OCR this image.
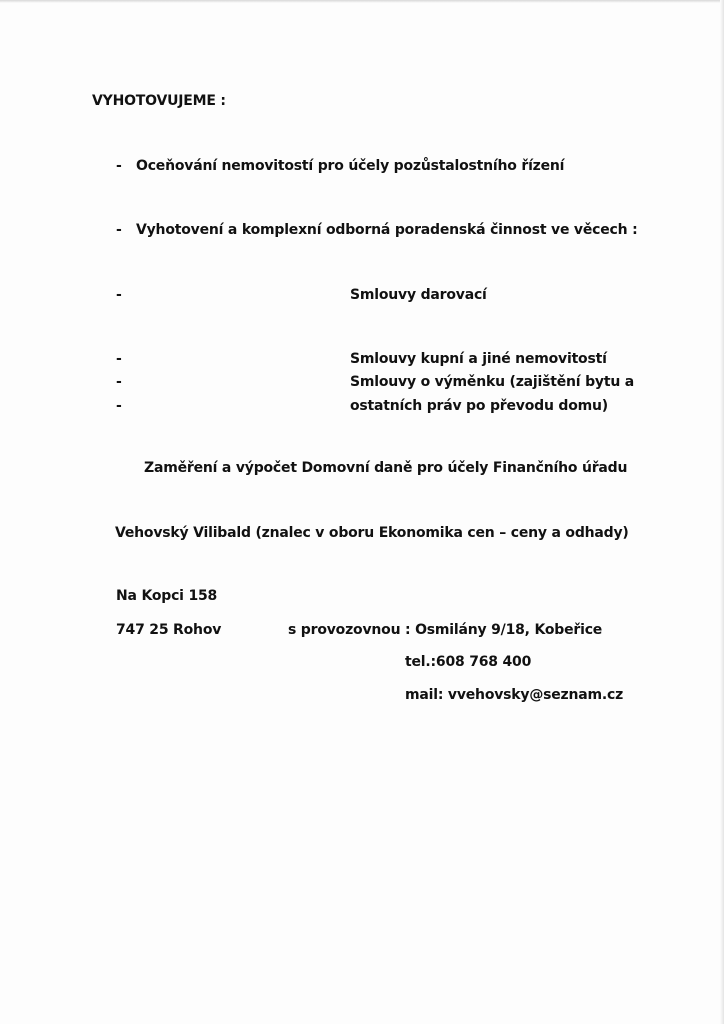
VYHOTOVUJEME :
- Oceňování nemovitostí pro účely pozůstalostního řízení
- Vyhotovení a komplexní odborná poradenská činnost ve věcech :
-	Smlouvy darovací
-	Smlouvy kupní a jiné nemovitostí
-	Smlouvy o výměnku (zajištění bytu a
-	ostatních práv po převodu domu)
Zaměření a výpočet Domovní daně pro účely Finančního úřadu
Vehovský Vilibald (znalec v oboru Ekonomika cen – ceny a odhady)
Na Kopci 158
747 25 Rohov	s provozovnou : Osmilány 9/18, Kobeřice
tel.:608 768 400
mail: vvehovsky@seznam.cz
